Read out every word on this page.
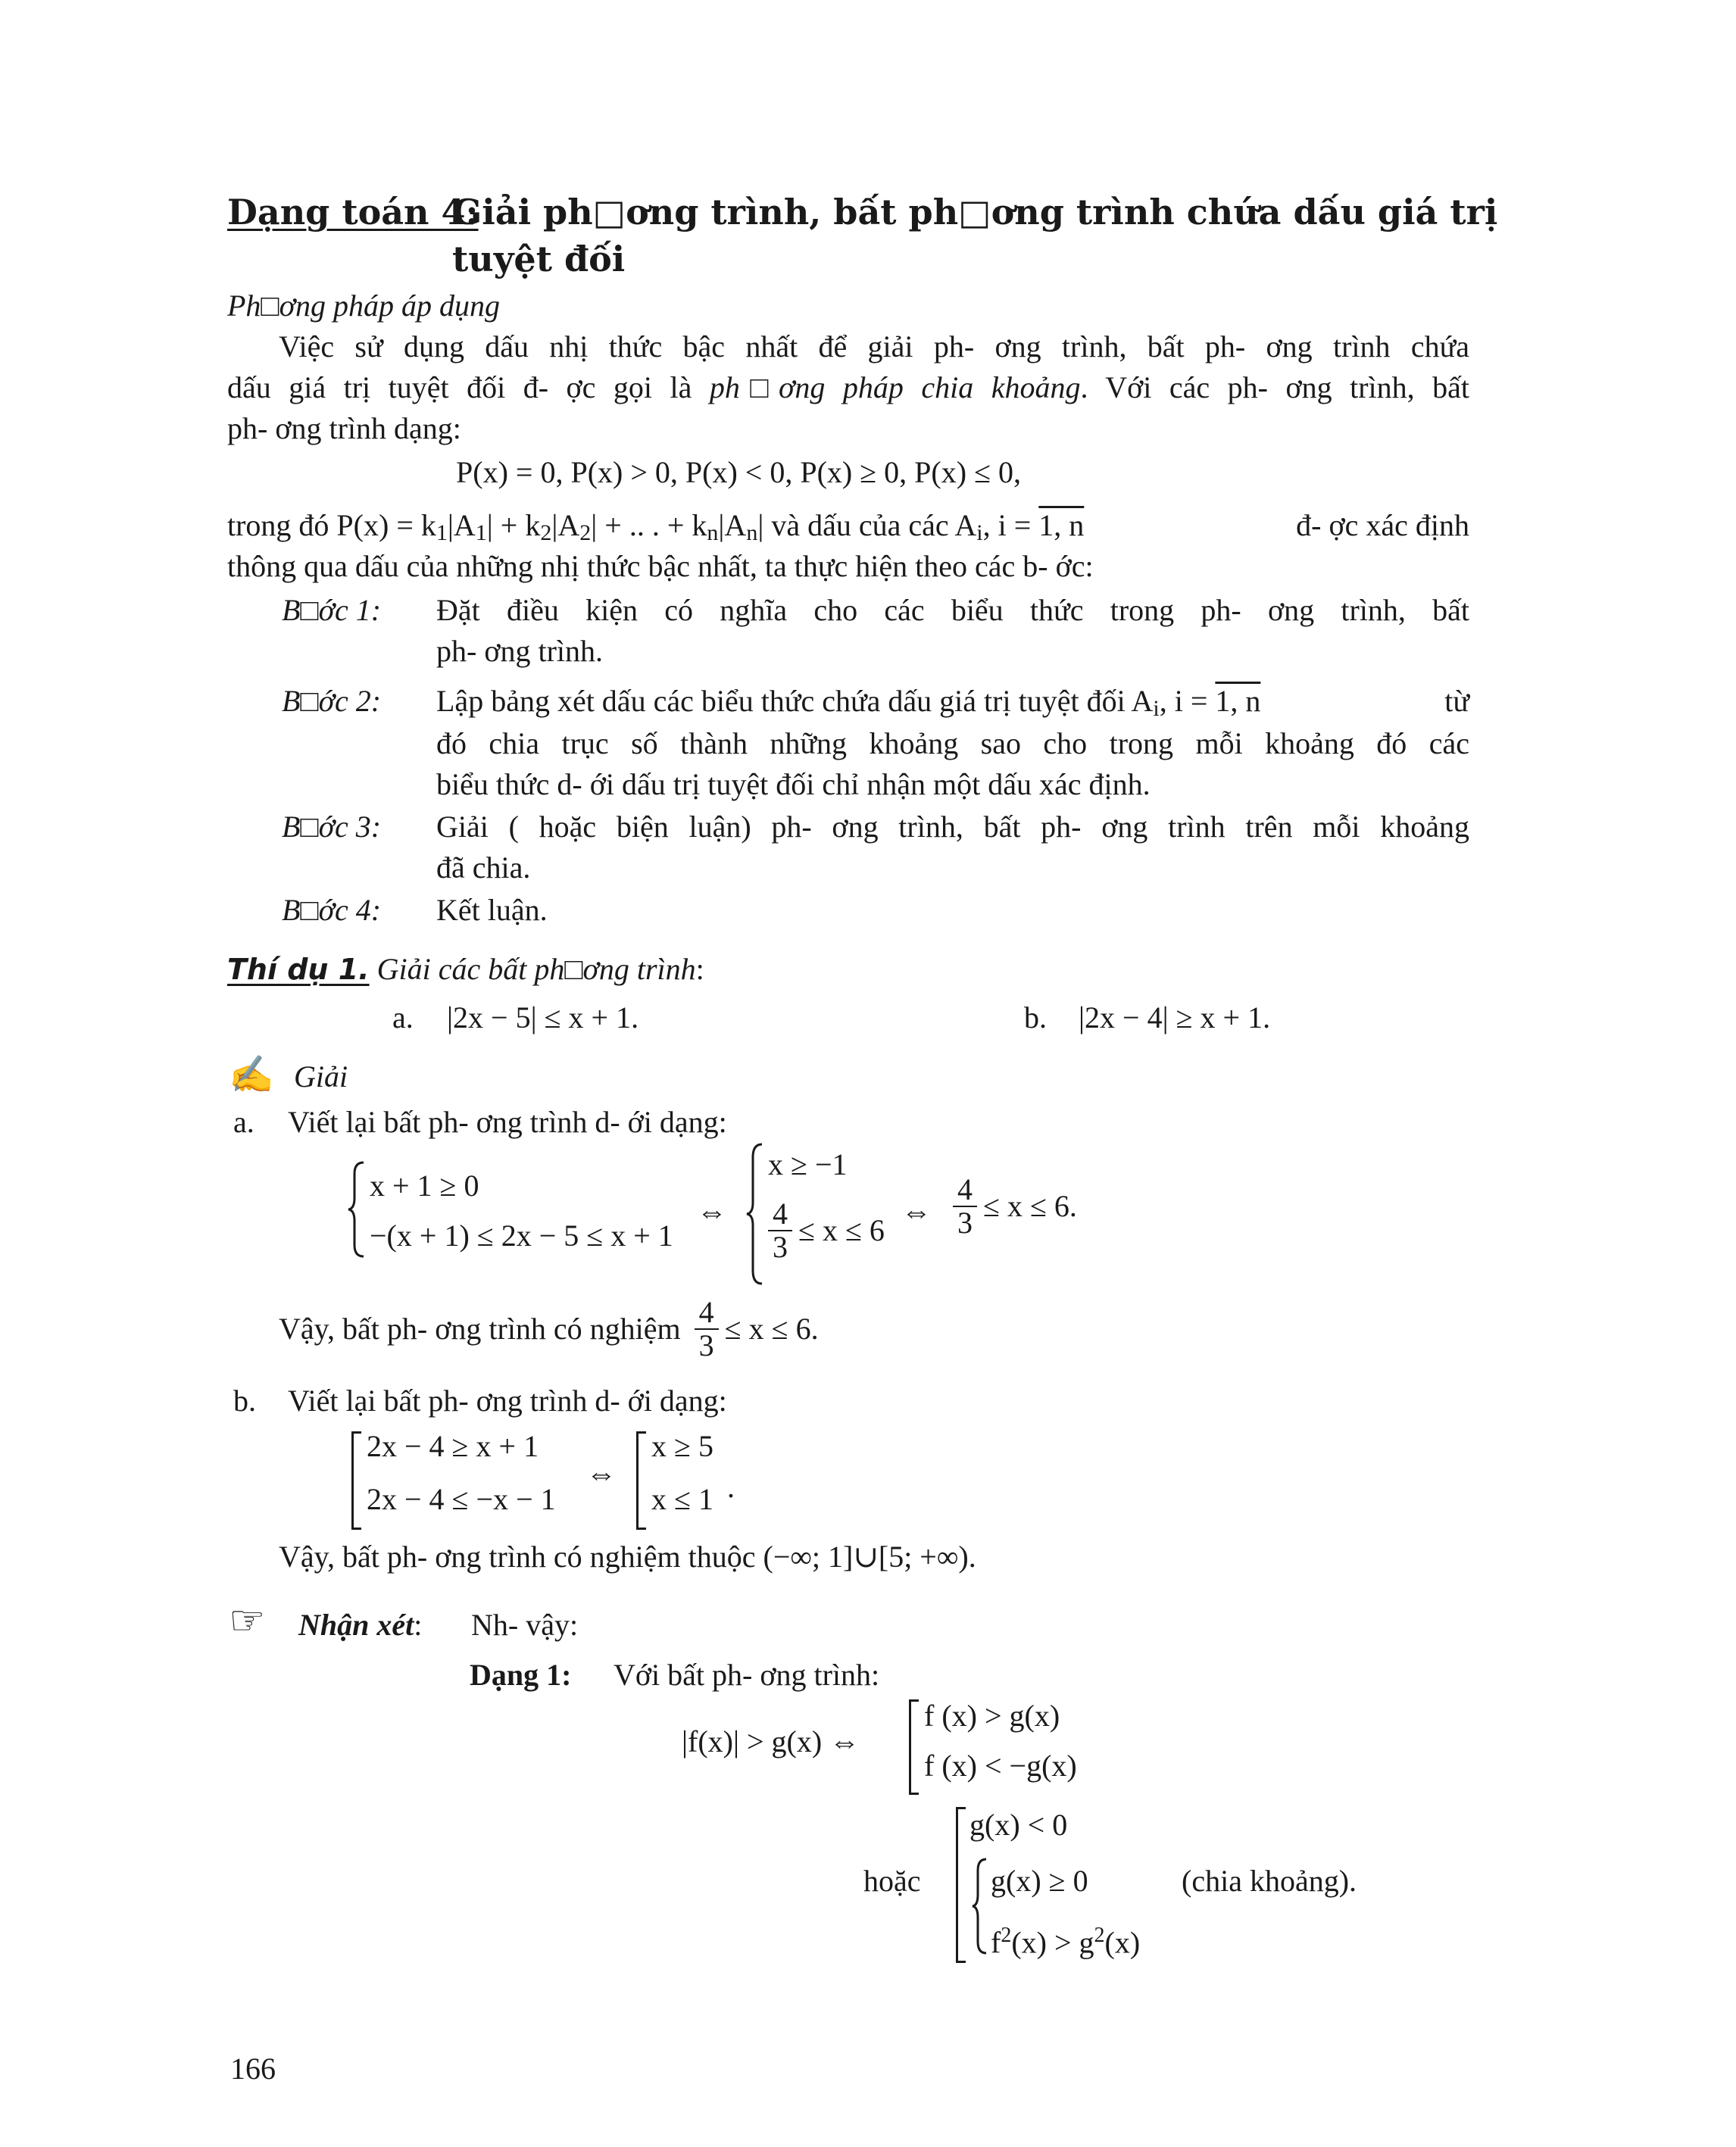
Dạng toán 4:
Giải ph□ơng trình, bất ph□ơng trình chứa dấu giá trị
tuyệt đối
Ph□ơng pháp áp dụng
Việc sử dụng dấu nhị thức bậc nhất để giải ph- ơng trình, bất ph- ơng trình chứa
dấu giá trị tuyệt đối đ- ợc gọi là ph□ơng pháp chia khoảng. Với các ph- ơng trình, bất
ph- ơng trình dạng:
P(x) = 0, P(x) > 0, P(x) < 0, P(x) ≥ 0, P(x) ≤ 0,
trong đó P(x) = k1|A1| + k2|A2| + .. . + kn|An| và dấu của các Ai, i = 1, n	đ- ợc xác định
thông qua dấu của những nhị thức bậc nhất, ta thực hiện theo các b- ớc:
B□ớc 1: Đặt điều kiện có nghĩa cho các biểu thức trong ph- ơng trình, bất
ph- ơng trình.
B□ớc 2: Lập bảng xét dấu các biểu thức chứa dấu giá trị tuyệt đối Ai, i = 1, n	từ
đó chia trục số thành những khoảng sao cho trong mỗi khoảng đó các
biểu thức d- ới dấu trị tuyệt đối chỉ nhận một dấu xác định.
B□ớc 3: Giải ( hoặc biện luận) ph- ơng trình, bất ph- ơng trình trên mỗi khoảng
đã chia.
B□ớc 4: Kết luận.
Thí dụ 1. Giải các bất ph□ơng trình:
a. |2x − 5| ≤ x + 1.	b. |2x − 4| ≥ x + 1.
✍ Giải
a. Viết lại bất ph- ơng trình d- ới dạng:
x + 1 ≥ 0
−(x + 1) ≤ 2x − 5 ≤ x + 1
⇔
x ≥ −1
$\frac{4}{3} \le x \le 6$
⇔ $\frac{4}{3} \le x \le 6$.
Vậy, bất ph- ơng trình có nghiệm $\frac{4}{3} \le x \le 6$.
b. Viết lại bất ph- ơng trình d- ới dạng:
2x − 4 ≥ x + 1
2x − 4 ≤ −x − 1
⇔
x ≥ 5
x ≤ 1 .
Vậy, bất ph- ơng trình có nghiệm thuộc (−∞; 1]∪[5; +∞).
☞ Nhận xét: Nh- vậy:
Dạng 1: Với bất ph- ơng trình:
|f(x)| > g(x) ⇔
f (x) > g(x)
f (x) < −g(x)
hoặc
g(x) < 0
g(x) ≥ 0
$f^2(x) > g^2(x)$
(chia khoảng).
166
